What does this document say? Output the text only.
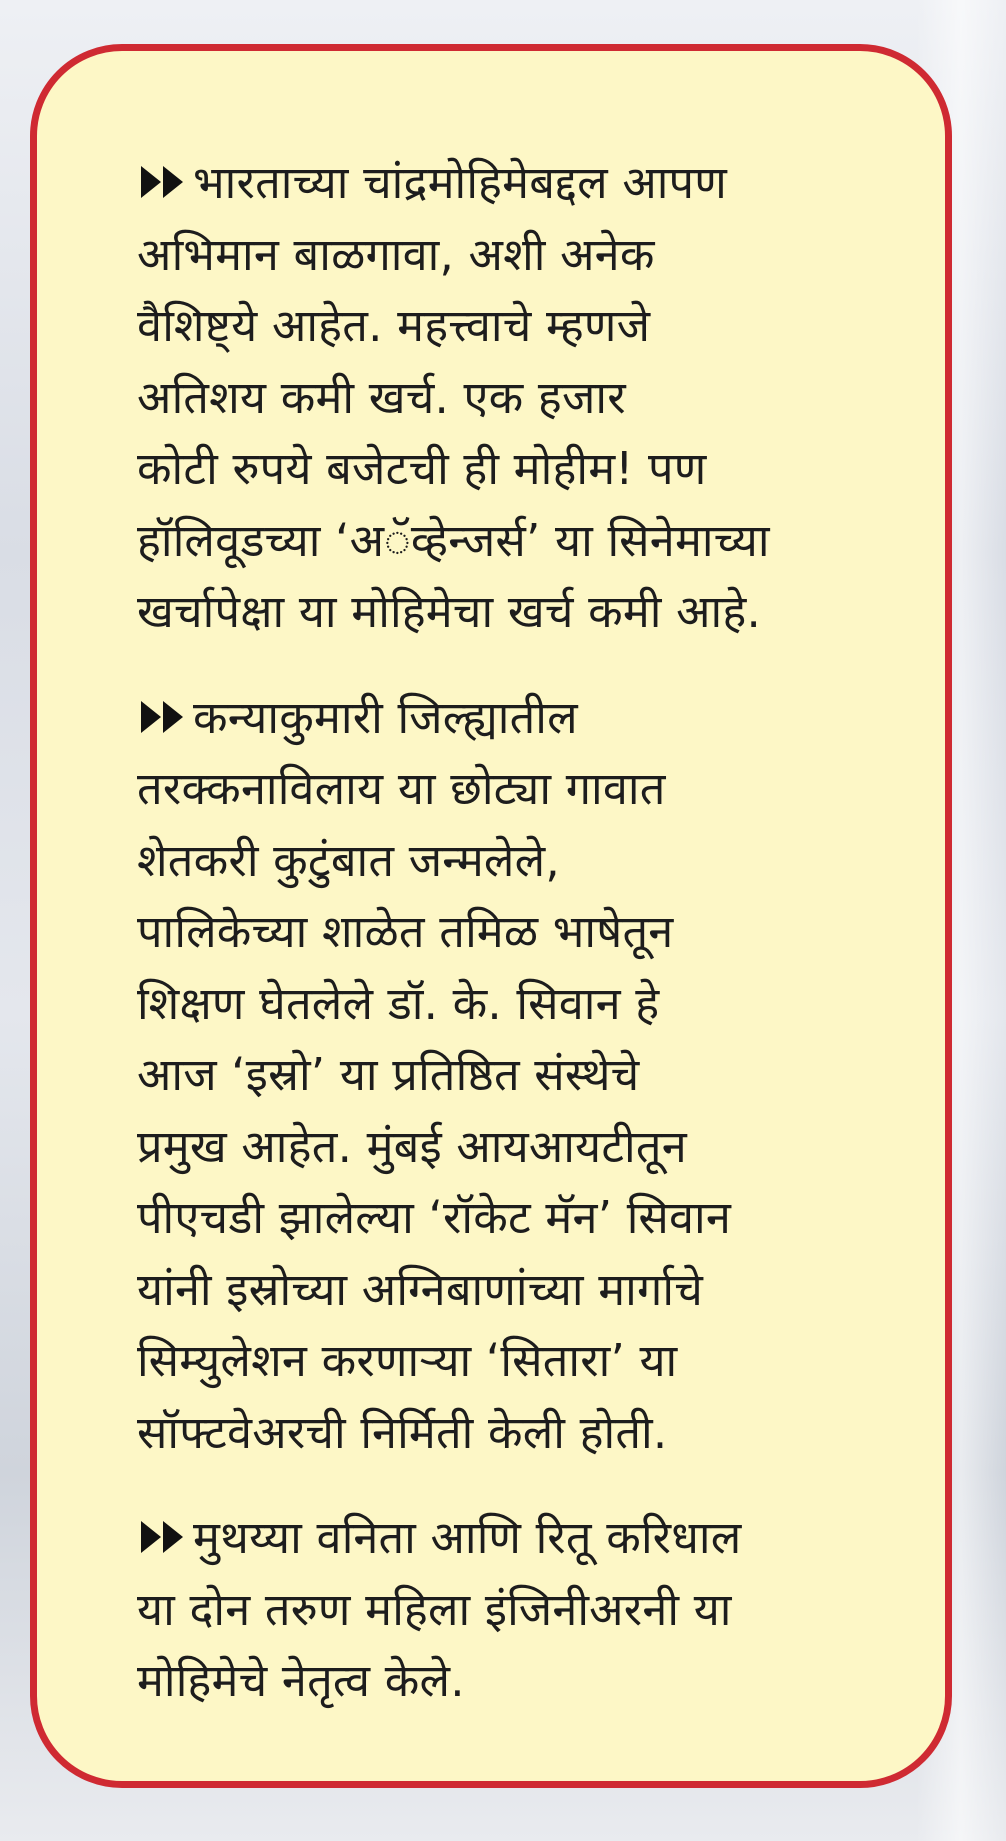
भारताच्या चांद्रमोहिमेबद्दल आपण
अभिमान बाळगावा, अशी अनेक
वैशिष्ट्ये आहेत. महत्त्वाचे म्हणजे
अतिशय कमी खर्च. एक हजार
कोटी रुपये बजेटची ही मोहीम! पण
हॉलिवूडच्या ‘अॅव्हेन्जर्स’ या सिनेमाच्या
खर्चापेक्षा या मोहिमेचा खर्च कमी आहे.
कन्याकुमारी जिल्ह्यातील
तरक्कनाविलाय या छोट्या गावात
शेतकरी कुटुंबात जन्मलेले,
पालिकेच्या शाळेत तमिळ भाषेतून
शिक्षण घेतलेले डॉ. के. सिवान हे
आज ‘इस्रो’ या प्रतिष्ठित संस्थेचे
प्रमुख आहेत. मुंबई आयआयटीतून
पीएचडी झालेल्या ‘रॉकेट मॅन’ सिवान
यांनी इस्रोच्या अग्निबाणांच्या मार्गाचे
सिम्युलेशन करणाऱ्या ‘सितारा’ या
सॉफ्टवेअरची निर्मिती केली होती.
मुथय्या वनिता आणि रितू करिधाल
या दोन तरुण महिला इंजिनीअरनी या
मोहिमेचे नेतृत्व केले.
